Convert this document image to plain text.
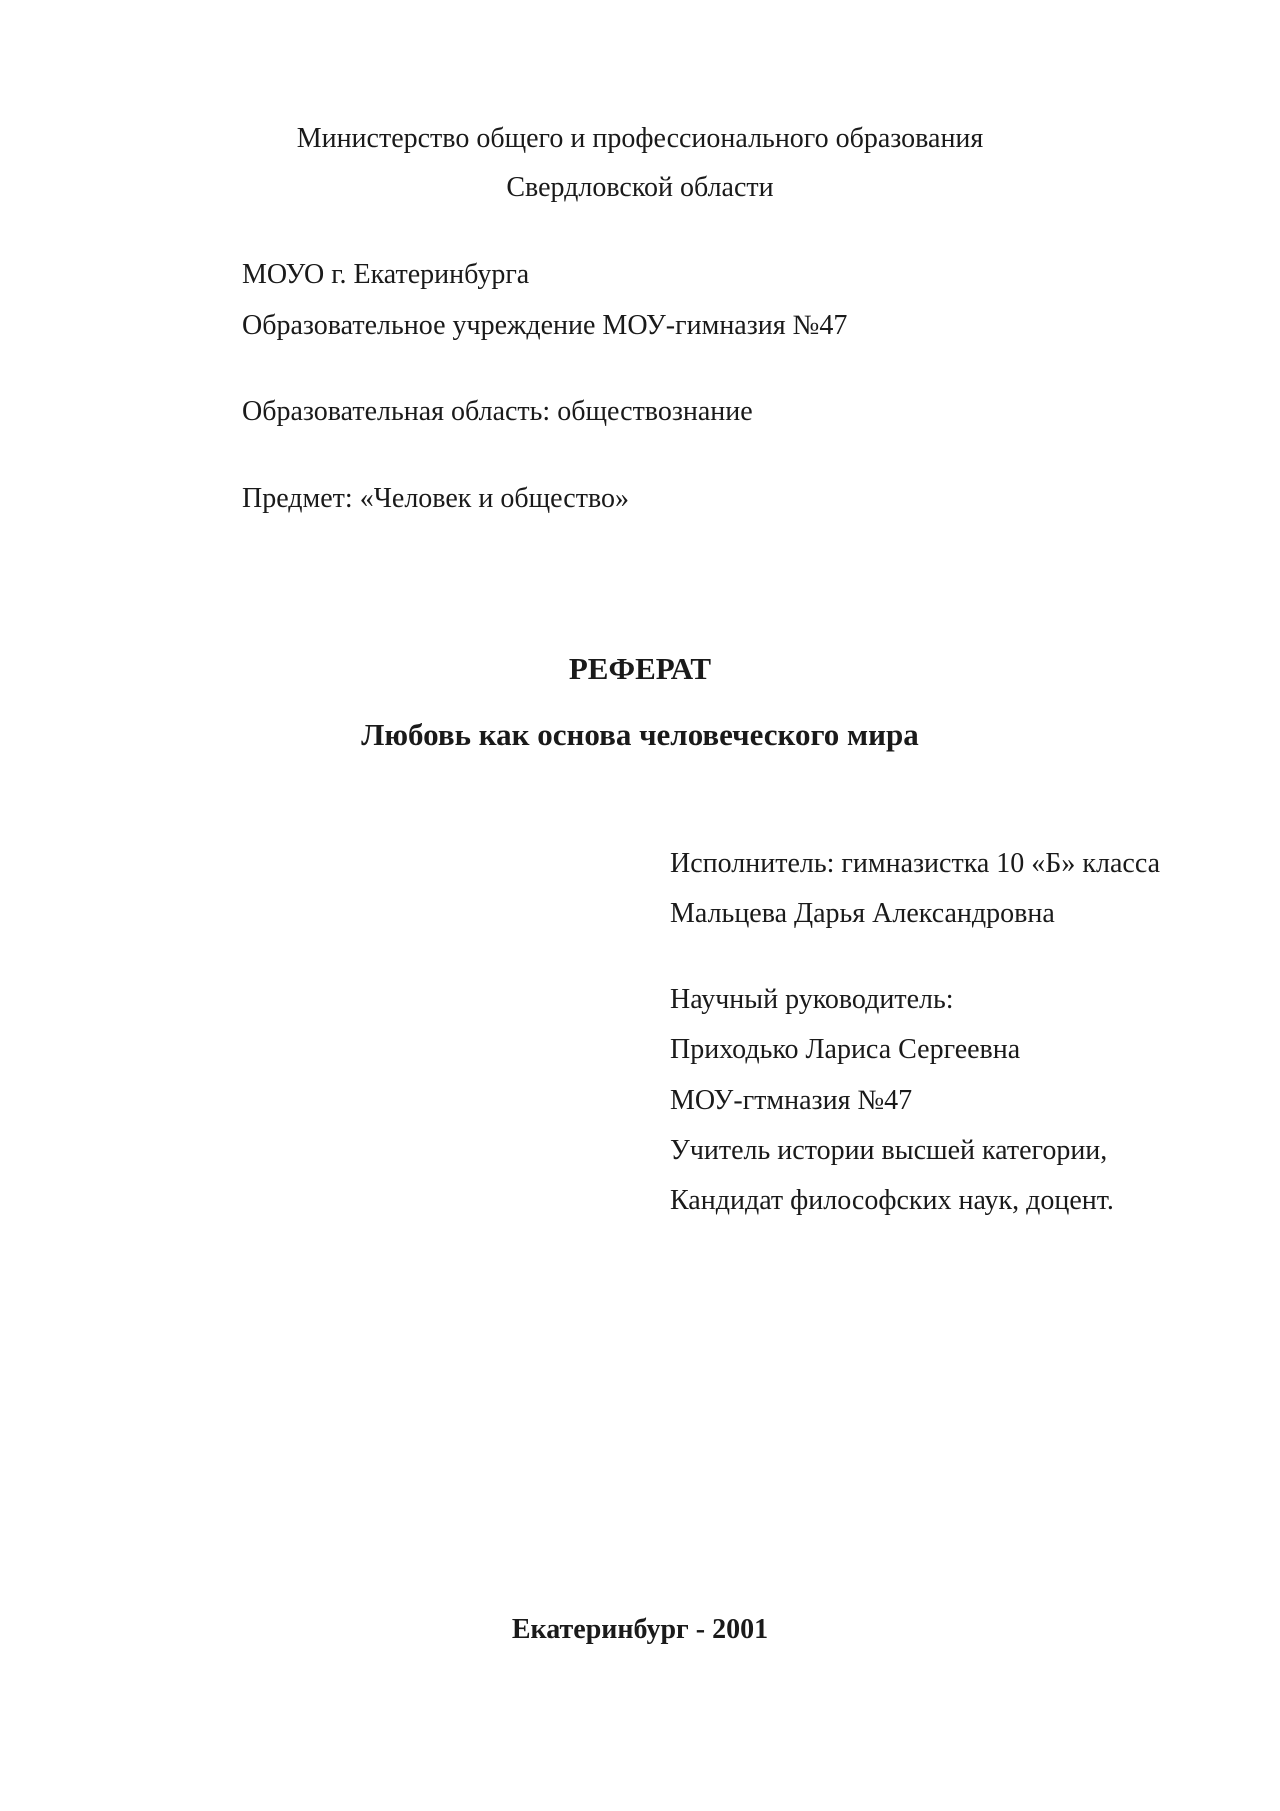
Министерство общего и профессионального образования
Свердловской области
МОУО г. Екатеринбурга
Образовательное учреждение МОУ-гимназия №47
Образовательная область: обществознание
Предмет: «Человек и общество»
РЕФЕРАТ
Любовь как основа человеческого мира
Исполнитель: гимназистка 10 «Б» класса
Мальцева Дарья Александровна
Научный руководитель:
Приходько Лариса Сергеевна
МОУ-гтмназия №47
Учитель истории высшей категории,
Кандидат философских наук, доцент.
Екатеринбург - 2001
